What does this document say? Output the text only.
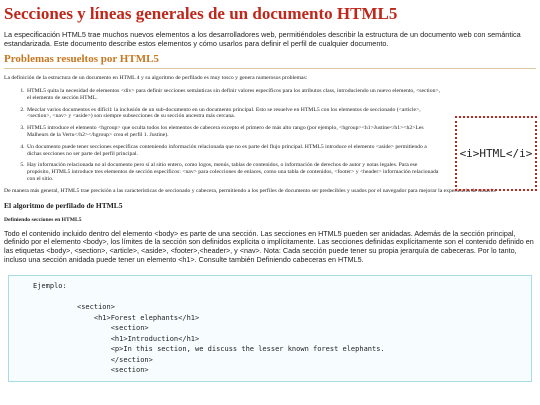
Secciones y líneas generales de un documento HTML5

La especificación HTML5 trae muchos nuevos elementos a los desarrolladores web, permitiéndoles describir la estructura de un documento web con semántica estandarizada. Este documento describe estos elementos y cómo usarlos para definir el perfil de cualquier documento.

Problemas resueltos por HTML5

La definición de la estructura de un documento en HTML 4 y su algoritmo de perfilado es muy tosco y genera numerosos problemas:

1. HTML5 quita la necesidad de elementos <div> para definir secciones semánticas sin definir valores específicos para los atributos class, introduciendo un nuevo elemento, <section>, el elemento de sección HTML.
2. Mezclar varios documentos es difícil: la inclusión de un sub-documento en un documento principal. Esto se resuelve en HTML5 con los elementos de seccionado (<article>, <section>, <nav> y <aside>) son siempre subsecciones de su sección ancestra más cercana.
3. HTML5 introduce el elemento <hgroup> que oculta todos los elementos de cabecera excepto el primero de más alto rango (por ejemplo, <hgroup><h1>Justine</h1><h2>Les Malheurs de la Vertu</h2></hgroup> crea el perfil 1. Justine).
4. Un documento puede tener secciones específicas conteniendo información relacionada que no es parte del flujo principal. HTML5 introduce el elemento <aside> permitiendo a dichas secciones no ser parte del perfil principal.
5. Hay información relacionada no al documento pero sí al sitio entero, como logos, menús, tablas de contenidos, o información de derechos de autor y notas legales. Para ese propósito, HTML5 introduce tres elementos de sección específicos: <nav> para colecciones de enlaces, como una tabla de contenidos, <footer> y <header> información relacionada con el sitio.
<i>HTML</i>

De manera más general, HTML5 trae precisión a las características de seccionado y cabecera, permitiendo a los perfiles de documento ser predecibles y usados por el navegador para mejorar la experiencia de usuario.

El algoritmo de perfilado de HTML5
Definiendo secciones en HTML5

Todo el contenido incluido dentro del elemento <body> es parte de una sección. Las secciones en HTML5 pueden ser anidadas. Además de la sección principal, definido por el elemento <body>, los límites de la sección son definidos explícita o implícitamente. Las secciones definidas explícitamente son el contenido definido en las etiquetas <body>, <section>, <article>, <aside>, <footer>,<header>, y <nav>. Nota: Cada sección puede tener su propia jerarquía de cabeceras. Por lo tanto, incluso una sección anidada puede tener un elemento <h1>. Consulte también Definiendo cabeceras en HTML5.

Ejemplo:
<section>
<h1>Forest elephants</h1>
<section>
<h1>Introduction</h1>
<p>In this section, we discuss the lesser known forest elephants.
</section>
<section>
